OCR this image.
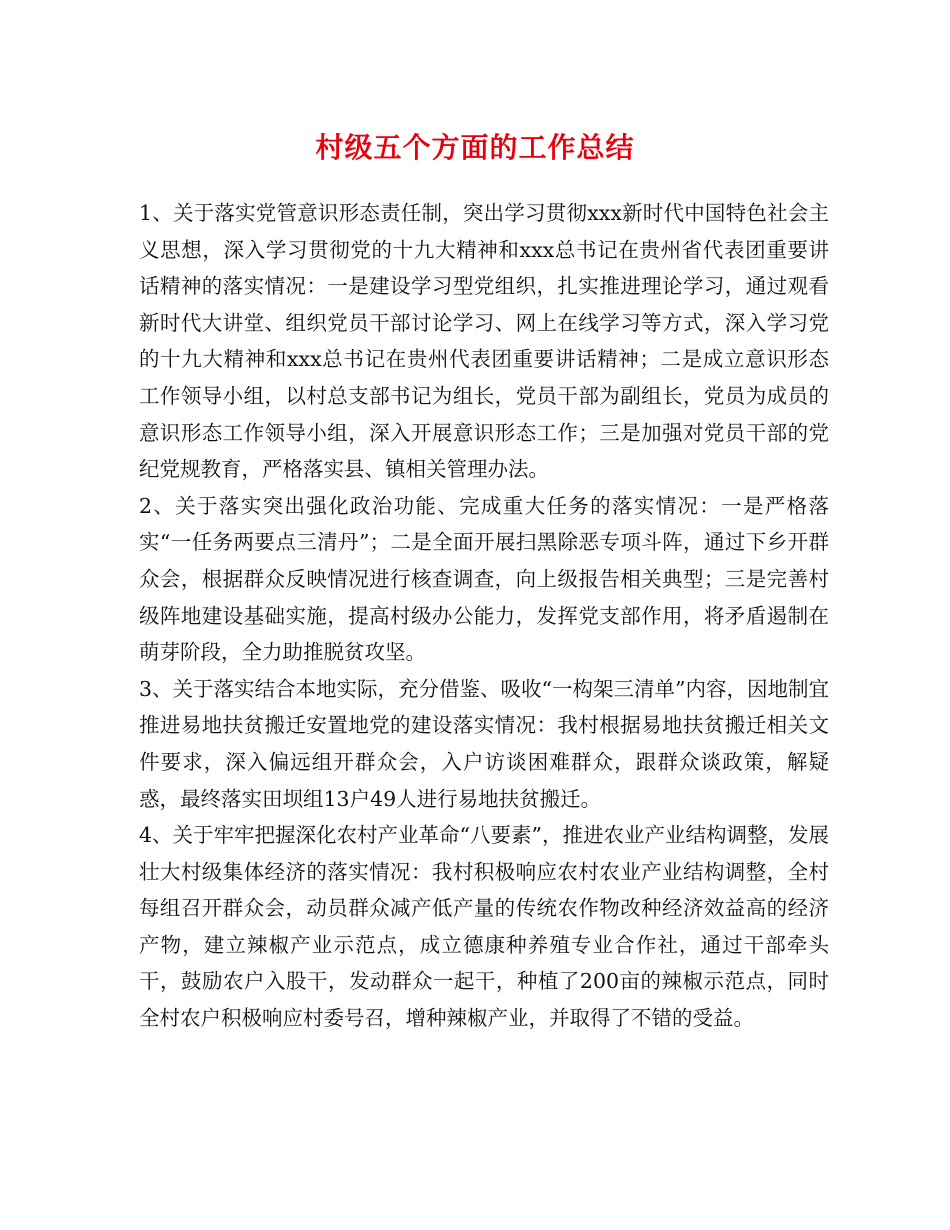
村级五个方面的工作总结

1、关于落实党管意识形态责任制，突出学习贯彻xxx新时代中国特色社会主义思想，深入学习贯彻党的十九大精神和xxx总书记在贵州省代表团重要讲话精神的落实情况：一是建设学习型党组织，扎实推进理论学习，通过观看新时代大讲堂、组织党员干部讨论学习、网上在线学习等方式，深入学习党的十九大精神和xxx总书记在贵州代表团重要讲话精神；二是成立意识形态工作领导小组，以村总支部书记为组长，党员干部为副组长，党员为成员的意识形态工作领导小组，深入开展意识形态工作；三是加强对党员干部的党纪党规教育，严格落实县、镇相关管理办法。

2、关于落实突出强化政治功能、完成重大任务的落实情况：一是严格落实“一任务两要点三清丹”；二是全面开展扫黑除恶专项斗阵，通过下乡开群众会，根据群众反映情况进行核查调查，向上级报告相关典型；三是完善村级阵地建设基础实施，提高村级办公能力，发挥党支部作用，将矛盾遏制在萌芽阶段，全力助推脱贫攻坚。

3、关于落实结合本地实际，充分借鉴、吸收“一构架三清单”内容，因地制宜推进易地扶贫搬迁安置地党的建设落实情况：我村根据易地扶贫搬迁相关文件要求，深入偏远组开群众会，入户访谈困难群众，跟群众谈政策，解疑惑，最终落实田坝组13户49人进行易地扶贫搬迁。

4、关于牢牢把握深化农村产业革命“八要素”，推进农业产业结构调整，发展壮大村级集体经济的落实情况：我村积极响应农村农业产业结构调整，全村每组召开群众会，动员群众减产低产量的传统农作物改种经济效益高的经济产物，建立辣椒产业示范点，成立德康种养殖专业合作社，通过干部牵头干，鼓励农户入股干，发动群众一起干，种植了200亩的辣椒示范点，同时全村农户积极响应村委号召，增种辣椒产业，并取得了不错的受益。
